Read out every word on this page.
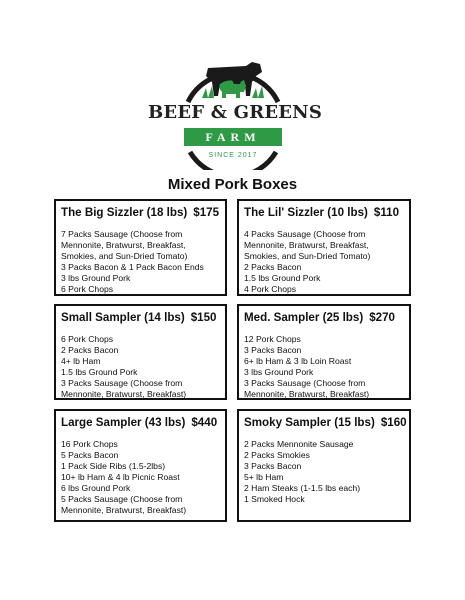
BEEF & GREENS
FARM
SINCE 2017
Mixed Pork Boxes
The Big Sizzler (18 lbs) $175
7 Packs Sausage (Choose from
Mennonite, Bratwurst, Breakfast,
Smokies, and Sun-Dried Tomato)
3 Packs Bacon & 1 Pack Bacon Ends
3 lbs Ground Pork
6 Pork Chops
The Lil' Sizzler (10 lbs) $110
4 Packs Sausage (Choose from
Mennonite, Bratwurst, Breakfast,
Smokies, and Sun-Dried Tomato)
2 Packs Bacon
1.5 lbs Ground Pork
4 Pork Chops
Small Sampler (14 lbs) $150
6 Pork Chops
2 Packs Bacon
4+ lb Ham
1.5 lbs Ground Pork
3 Packs Sausage (Choose from
Mennonite, Bratwurst, Breakfast)
Med. Sampler (25 lbs) $270
12 Pork Chops
3 Packs Bacon
6+ lb Ham & 3 lb Loin Roast
3 lbs Ground Pork
3 Packs Sausage (Choose from
Mennonite, Bratwurst, Breakfast)
Large Sampler (43 lbs) $440
16 Pork Chops
5 Packs Bacon
1 Pack Side Ribs (1.5-2lbs)
10+ lb Ham & 4 lb Picnic Roast
6 lbs Ground Pork
5 Packs Sausage (Choose from
Mennonite, Bratwurst, Breakfast)
Smoky Sampler (15 lbs) $160
2 Packs Mennonite Sausage
2 Packs Smokies
3 Packs Bacon
5+ lb Ham
2 Ham Steaks (1-1.5 lbs each)
1 Smoked Hock
